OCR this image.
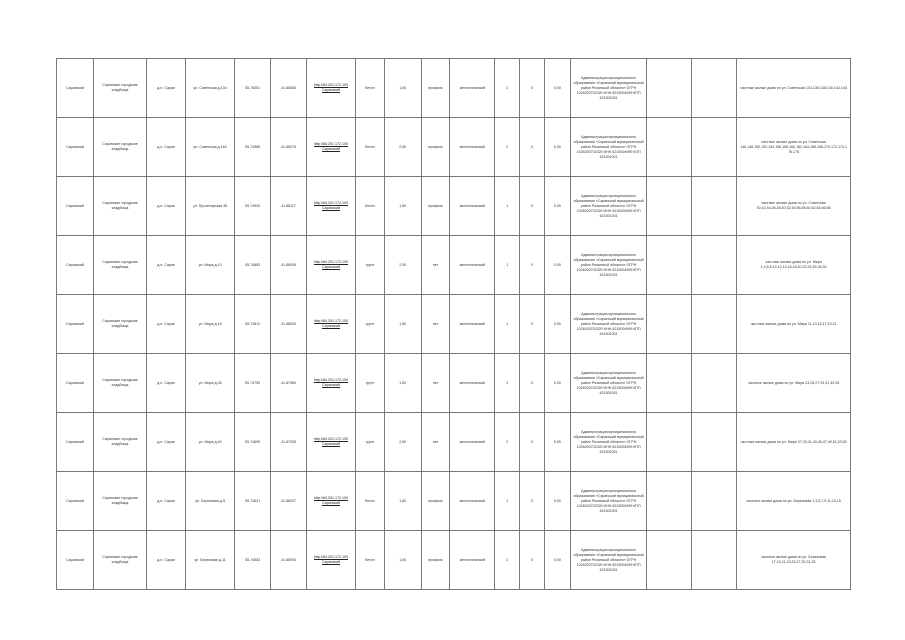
Сарапский	Сарапские городские кладбища	д.п. Сарап	ул. Советская д.104	55.75051	41.88355	http://84.201.172.100 Сарапский	бетон	1,60	профиль	металлический	1	0	0,00	Администрация муниципального образования «Сарапский муниципальный район Рязанской области» ОГРН 1026200702320 ИНН 6215004999 КПП 621501001			частные жилые дома по ул. Советская 134,136,138,140,142,144
Сарапский	Сарапские городские кладбища	д.п. Сарап	ул. Советская д.162	55.74985	41.88275	http://84.201.172.100 Сарапский	бетон	2,50	профиль	металлический	2	0	0,00	Администрация муниципального образования «Сарапский муниципальный район Рязанской области» ОГРН 1026200702320 ИНН 6215004999 КПП 621501001			частные жилые дома по ул. Советская 146,148,150,152,154,156,158,160,162,164,166,168,170,172,174,176,178
Сарапский	Сарапские городские кладбища	д.п. Сарап	ул. Пролетарская 35	55.74930	41.88117	http://84.201.172.100 Сарапский	бетон	1,60	профиль	металлический	1	0	0,00	Администрация муниципального образования «Сарапский муниципальный район Рязанской области» ОГРН 1026200702320 ИНН 6215004999 КПП 621501001			частные жилые дома по ул. Советская 40,42,44,46,48,50,52,54,56,58,60,62,64,66,68
Сарапский	Сарапские городские кладбища	д.п. Сарап	ул. Мира д.10	55.74883	41.88059	http://84.201.172.100 Сарапский	грунт	2,50	нет	металлический	1	0	0,00	Администрация муниципального образования «Сарапский муниципальный район Рязанской области» ОГРН 1026200702320 ИНН 6215004999 КПП 621501001			частные жилые дома по ул. Мира 1,4,6,8,10,12,14,16,18,20,22,24,26,28,30
Сарапский	Сарапские городские кладбища	д.п. Сарап	ул. Мира д.16	55.74811	41.88025	http://84.201.172.100 Сарапский	грунт	1,60	нет	металлический	1	0	0,00	Администрация муниципального образования «Сарапский муниципальный район Рязанской области» ОГРН 1026200702320 ИНН 6215004999 КПП 621501001			частные жилые дома по ул. Мира 11,13,15,17,19,21
Сарапский	Сарапские городские кладбища	д.п. Сарап	ул. Мира д.28	55.74755	41.87984	http://84.201.172.100 Сарапский	грунт	1,60	нет	металлический	1	0	0,00	Администрация муниципального образования «Сарапский муниципальный район Рязанской области» ОГРН 1026200702320 ИНН 6215004999 КПП 621501001			частные жилые дома по ул. Мира 23,25,27,29,31,33,35
Сарапский	Сарапские городские кладбища	д.п. Сарап	ул. Мира д.40	55.74695	41.87935	http://84.201.172.100 Сарапский	грунт	2,50	нет	металлический	2	0	0,00	Администрация муниципального образования «Сарапский муниципальный район Рязанской области» ОГРН 1026200702320 ИНН 6215004999 КПП 621501001			частные жилые дома по ул. Мира 37,39,41,43,45,47,49,51,53,55
Сарапский	Сарапские городские кладбища	д.п. Сарап	ул. Березовая д.5	55.74631	41.88037	http://84.201.172.100 Сарапский	бетон	1,60	профиль	металлический	1	0	0,00	Администрация муниципального образования «Сарапский муниципальный район Рязанской области» ОГРН 1026200702320 ИНН 6215004999 КПП 621501001			частные жилые дома по ул. Березовая 1,3,5,7,9,11,13,15
Сарапский	Сарапские городские кладбища	д.п. Сарап	ул. Березовая д.11	55.74583	41.88093	http://84.201.172.100 Сарапский	бетон	1,60	профиль	металлический	1	0	0,00	Администрация муниципального образования «Сарапский муниципальный район Рязанской области» ОГРН 1026200702320 ИНН 6215004999 КПП 621501001			частные жилые дома по ул. Березовая 17,19,21,23,25,27,29,31,33
